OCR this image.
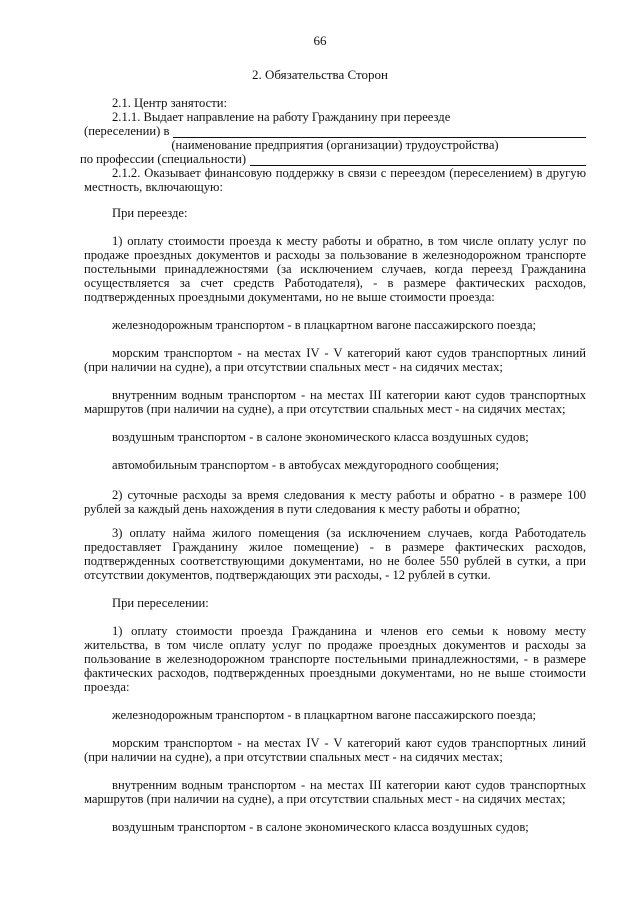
66
2. Обязательства Сторон
2.1. Центр занятости:
2.1.1. Выдает направление на работу Гражданину при переезде
(переселении) в
(наименование предприятия (организации) трудоустройства)
по профессии (специальности)
2.1.2. Оказывает финансовую поддержку в связи с переездом (переселением) в другую местность, включающую:
При переезде:
1) оплату стоимости проезда к месту работы и обратно, в том числе оплату услуг по продаже проездных документов и расходы за пользование в железнодорожном транспорте постельными принадлежностями (за исключением случаев, когда переезд Гражданина осуществляется за счет средств Работодателя), - в размере фактических расходов, подтвержденных проездными документами, но не выше стоимости проезда:
железнодорожным транспортом - в плацкартном вагоне пассажирского поезда;
морским транспортом - на местах IV - V категорий кают судов транспортных линий (при наличии на судне), а при отсутствии спальных мест - на сидячих местах;
внутренним водным транспортом - на местах III категории кают судов транспортных маршрутов (при наличии на судне), а при отсутствии спальных мест - на сидячих местах;
воздушным транспортом - в салоне экономического класса воздушных судов;
автомобильным транспортом - в автобусах междугородного сообщения;
2) суточные расходы за время следования к месту работы и обратно - в размере 100 рублей за каждый день нахождения в пути следования к месту работы и обратно;
3) оплату найма жилого помещения (за исключением случаев, когда Работодатель предоставляет Гражданину жилое помещение) - в размере фактических расходов, подтвержденных соответствующими документами, но не более 550 рублей в сутки, а при отсутствии документов, подтверждающих эти расходы, - 12 рублей в сутки.
При переселении:
1) оплату стоимости проезда Гражданина и членов его семьи к новому месту жительства, в том числе оплату услуг по продаже проездных документов и расходы за пользование в железнодорожном транспорте постельными принадлежностями, - в размере фактических расходов, подтвержденных проездными документами, но не выше стоимости проезда:
железнодорожным транспортом - в плацкартном вагоне пассажирского поезда;
морским транспортом - на местах IV - V категорий кают судов транспортных линий (при наличии на судне), а при отсутствии спальных мест - на сидячих местах;
внутренним водным транспортом - на местах III категории кают судов транспортных маршрутов (при наличии на судне), а при отсутствии спальных мест - на сидячих местах;
воздушным транспортом - в салоне экономического класса воздушных судов;
